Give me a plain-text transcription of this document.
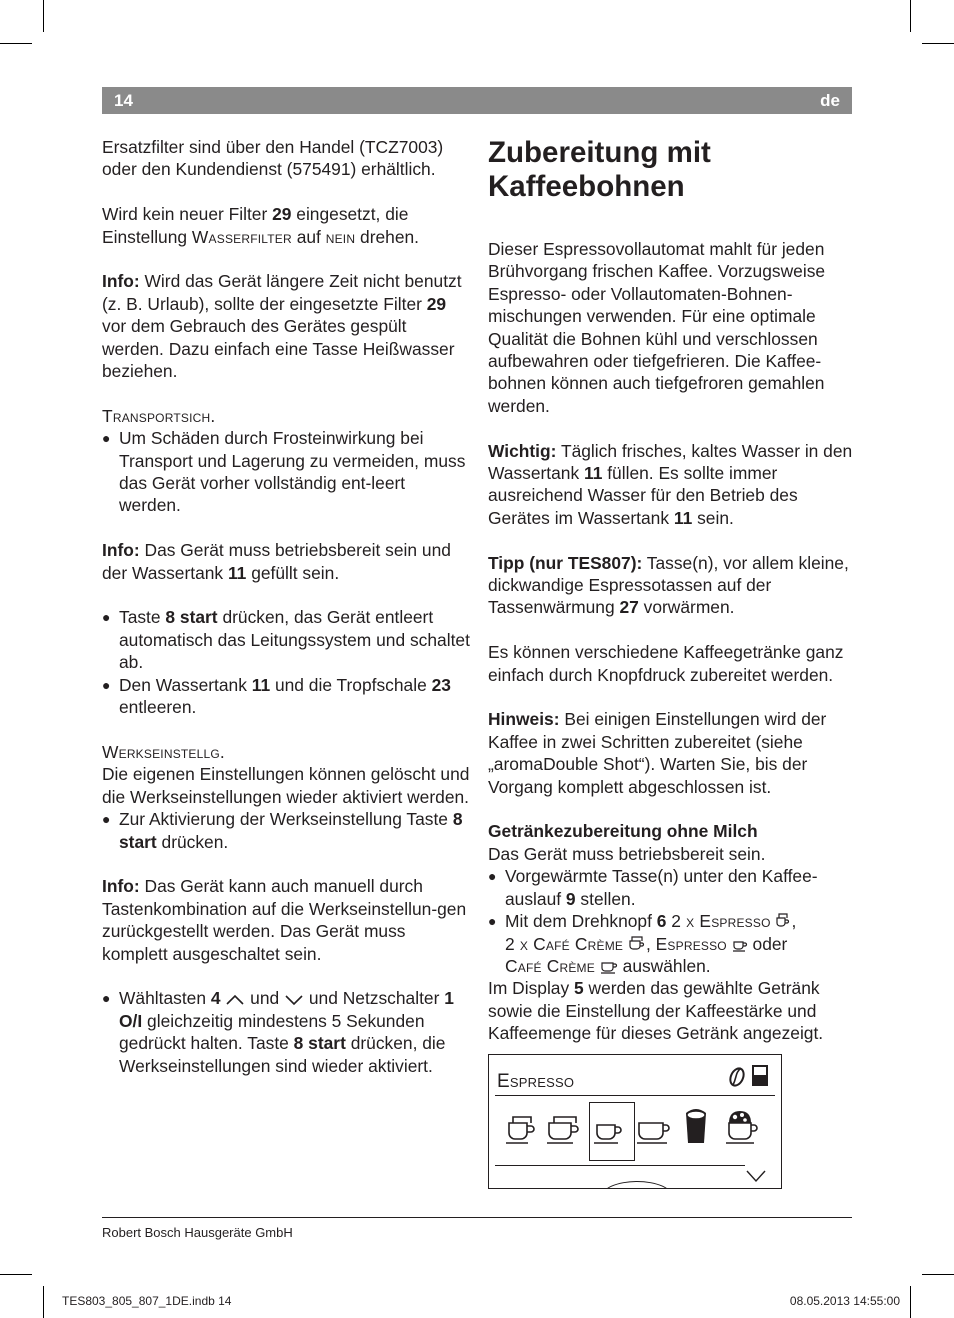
14	de

Ersatzfilter sind über den Handel (TCZ7003) oder den Kundendienst (575491) erhältlich.

Wird kein neuer Filter 29 eingesetzt, die Einstellung Wasserfilter auf nein drehen.

Info: Wird das Gerät längere Zeit nicht benutzt (z. B. Urlaub), sollte der eingesetzte Filter 29 vor dem Gebrauch des Gerätes gespült werden. Dazu einfach eine Tasse Heißwasser beziehen.

Transportsich.
● Um Schäden durch Frosteinwirkung bei Transport und Lagerung zu vermeiden, muss das Gerät vorher vollständig ent-leert werden.

Info: Das Gerät muss betriebsbereit sein und der Wassertank 11 gefüllt sein.

● Taste 8 start drücken, das Gerät entleert automatisch das Leitungssystem und schaltet ab.
● Den Wassertank 11 und die Tropfschale 23 entleeren.
Werkseinstellg.

Die eigenen Einstellungen können gelöscht und die Werkseinstellungen wieder aktiviert werden.

● Zur Aktivierung der Werkseinstellung Taste 8 start drücken.

Info: Das Gerät kann auch manuell durch Tastenkombination auf die Werkseinstellun-gen zurückgestellt werden. Das Gerät muss komplett ausgeschaltet sein.

● Wähltasten 4  und  und Netzschalter 1 O/I gleichzeitig mindestens 5 Sekunden gedrückt halten. Taste 8 start drücken, die Werkseinstellungen sind wieder aktiviert.
Zubereitung mit Kaffeebohnen

Dieser Espressovollautomat mahlt für jeden Brühvorgang frischen Kaffee. Vorzugsweise Espresso- oder Vollautomaten-Bohnen-mischungen verwenden. Für eine optimale Qualität die Bohnen kühl und verschlossen aufbewahren oder tiefgefrieren. Die Kaffee-bohnen können auch tiefgefroren gemahlen werden.

Wichtig: Täglich frisches, kaltes Wasser in den Wassertank 11 füllen. Es sollte immer ausreichend Wasser für den Betrieb des Gerätes im Wassertank 11 sein.

Tipp (nur TES807): Tasse(n), vor allem kleine, dickwandige Espressotassen auf der Tassenwärmung 27 vorwärmen.

Es können verschiedene Kaffeegetränke ganz einfach durch Knopfdruck zubereitet werden.

Hinweis: Bei einigen Einstellungen wird der Kaffee in zwei Schritten zubereitet (siehe „aromaDouble Shot“). Warten Sie, bis der Vorgang komplett abgeschlossen ist.

Getränkezubereitung ohne Milch
Das Gerät muss betriebsbereit sein.
● Vorgewärmte Tasse(n) unter den Kaffee-auslauf 9 stellen.
● Mit dem Drehknopf 6 2 x Espresso ,
2 x Café Crème , Espresso  oder
Café Crème  auswählen.
Im Display 5 werden das gewählte Getränk sowie die Einstellung der Kaffeestärke und Kaffeemenge für dieses Getränk angezeigt.
Espresso
Robert Bosch Hausgeräte GmbH
TES803_805_807_1DE.indb 14	08.05.2013 14:55:00
